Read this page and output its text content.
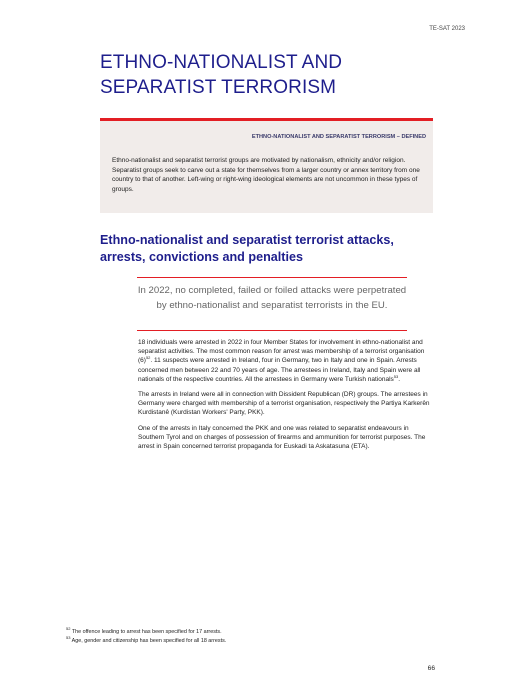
TE-SAT 2023
ETHNO-NATIONALIST AND SEPARATIST TERRORISM
ETHNO-NATIONALIST AND SEPARATIST TERRORISM – DEFINED
Ethno-nationalist and separatist terrorist groups are motivated by nationalism, ethnicity and/or religion. Separatist groups seek to carve out a state for themselves from a larger country or annex territory from one country to that of another. Left-wing or right-wing ideological elements are not uncommon in these types of groups.
Ethno-nationalist and separatist terrorist attacks, arrests, convictions and penalties
In 2022, no completed, failed or foiled attacks were perpetrated by ethno-nationalist and separatist terrorists in the EU.

18 individuals were arrested in 2022 in four Member States for involvement in ethno-nationalist and separatist activities. The most common reason for arrest was membership of a terrorist organisation $(6)^{52}$. 11 suspects were arrested in Ireland, four in Germany, two in Italy and one in Spain. Arrests concerned men between 22 and 70 years of age. The arrestees in Ireland, Italy and Spain were all nationals of the respective countries. All the arrestees in Germany were Turkish nationals$^{53}$.

The arrests in Ireland were all in connection with Dissident Republican (DR) groups. The arrestees in Germany were charged with membership of a terrorist organisation, respectively the Partiya Karkerên Kurdistanê (Kurdistan Workers' Party, PKK).

One of the arrests in Italy concerned the PKK and one was related to separatist endeavours in Southern Tyrol and on charges of possession of firearms and ammunition for terrorist purposes. The arrest in Spain concerned terrorist propaganda for Euskadi ta Askatasuna (ETA).

$^{52}$ The offence leading to arrest has been specified for 17 arrests.

$^{53}$ Age, gender and citizenship has been specified for all 18 arrests.

66
